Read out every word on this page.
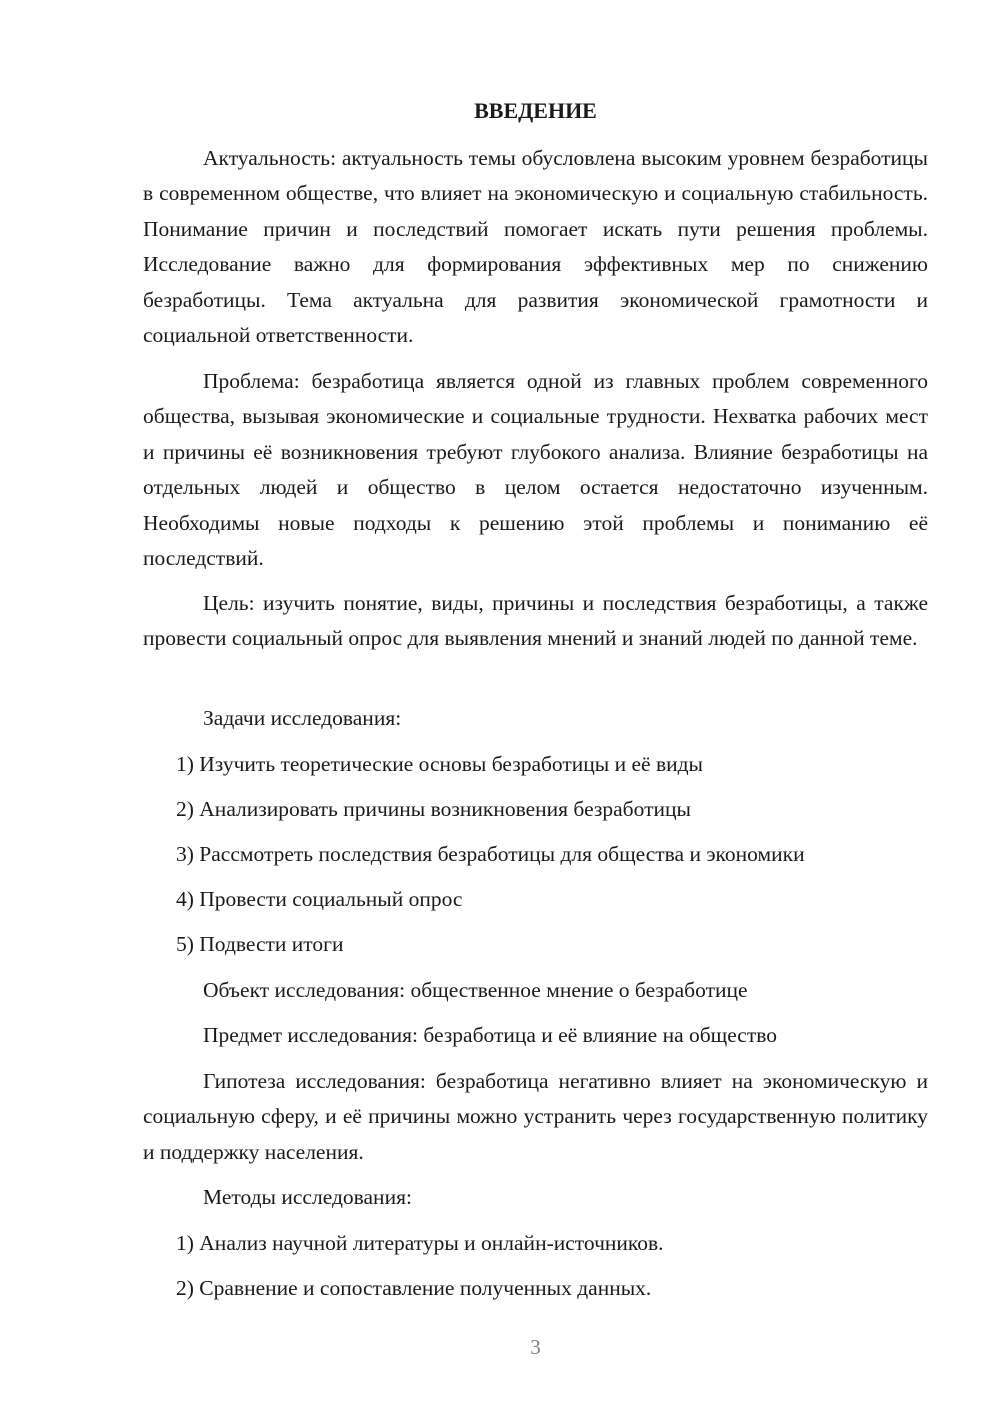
ВВЕДЕНИЕ

Актуальность: актуальность темы обусловлена высоким уровнем безработицы в современном обществе, что влияет на экономическую и социальную стабильность. Понимание причин и последствий помогает искать пути решения проблемы. Исследование важно для формирования эффективных мер по снижению безработицы. Тема актуальна для развития экономической грамотности и социальной ответственности.

Проблема: безработица является одной из главных проблем современного общества, вызывая экономические и социальные трудности. Нехватка рабочих мест и причины её возникновения требуют глубокого анализа. Влияние безработицы на отдельных людей и общество в целом остается недостаточно изученным. Необходимы новые подходы к решению этой проблемы и пониманию её последствий.

Цель: изучить понятие, виды, причины и последствия безработицы, а также провести социальный опрос для выявления мнений и знаний людей по данной теме.

Задачи исследования:

1) Изучить теоретические основы безработицы и её виды

2) Анализировать причины возникновения безработицы

3) Рассмотреть последствия безработицы для общества и экономики

4) Провести социальный опрос

5) Подвести итоги

Объект исследования: общественное мнение о безработице

Предмет исследования: безработица и её влияние на общество

Гипотеза исследования: безработица негативно влияет на экономическую и социальную сферу, и её причины можно устранить через государственную политику и поддержку населения.

Методы исследования:

1) Анализ научной литературы и онлайн-источников.

2) Сравнение и сопоставление полученных данных.

3
